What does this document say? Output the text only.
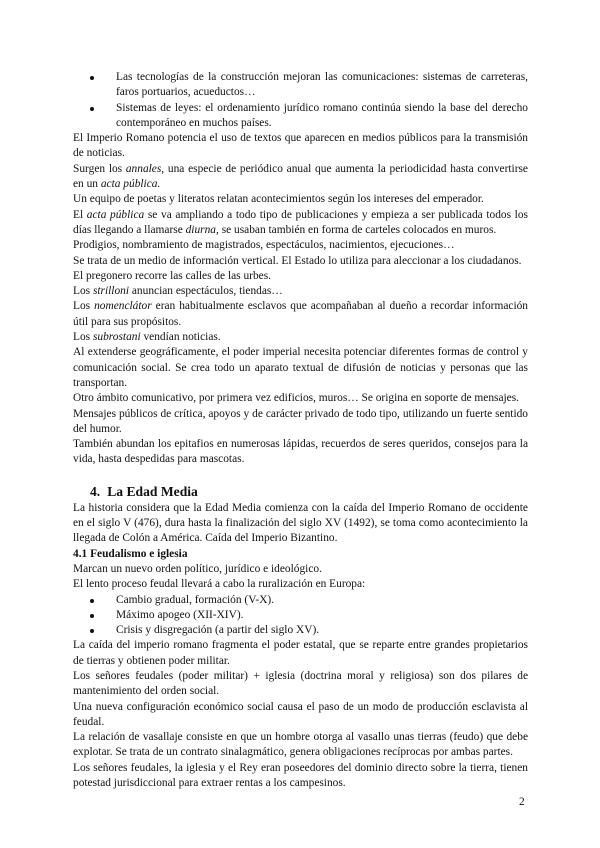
Las tecnologías de la construcción mejoran las comunicaciones: sistemas de carreteras, faros portuarios, acueductos…
Sistemas de leyes: el ordenamiento jurídico romano continúa siendo la base del derecho contemporáneo en muchos países.

El Imperio Romano potencia el uso de textos que aparecen en medios públicos para la transmisión de noticias.

Surgen los annales, una especie de periódico anual que aumenta la periodicidad hasta convertirse en un acta pública.

Un equipo de poetas y literatos relatan acontecimientos según los intereses del emperador.

El acta pública se va ampliando a todo tipo de publicaciones y empieza a ser publicada todos los días llegando a llamarse diurna, se usaban también en forma de carteles colocados en muros.

Prodigios, nombramiento de magistrados, espectáculos, nacimientos, ejecuciones…

Se trata de un medio de información vertical. El Estado lo utiliza para aleccionar a los ciudadanos.

El pregonero recorre las calles de las urbes.

Los strilloni anuncian espectáculos, tiendas…

Los nomenclátor eran habitualmente esclavos que acompañaban al dueño a recordar información útil para sus propósitos.

Los subrostani vendían noticias.

Al extenderse geográficamente, el poder imperial necesita potenciar diferentes formas de control y comunicación social. Se crea todo un aparato textual de difusión de noticias y personas que las transportan.

Otro ámbito comunicativo, por primera vez edificios, muros… Se origina en soporte de mensajes.

Mensajes públicos de crítica, apoyos y de carácter privado de todo tipo, utilizando un fuerte sentido del humor.

También abundan los epitafios en numerosas lápidas, recuerdos de seres queridos, consejos para la vida, hasta despedidas para mascotas.

4. La Edad Media

La historia considera que la Edad Media comienza con la caída del Imperio Romano de occidente en el siglo V (476), dura hasta la finalización del siglo XV (1492), se toma como acontecimiento la llegada de Colón a América. Caída del Imperio Bizantino.

4.1 Feudalismo e iglesia

Marcan un nuevo orden político, jurídico e ideológico.

El lento proceso feudal llevará a cabo la ruralización en Europa:

Cambio gradual, formación (V-X).
Máximo apogeo (XII-XIV).
Crisis y disgregación (a partir del siglo XV).

La caída del imperio romano fragmenta el poder estatal, que se reparte entre grandes propietarios de tierras y obtienen poder militar.

Los señores feudales (poder militar) + iglesia (doctrina moral y religiosa) son dos pilares de mantenimiento del orden social.

Una nueva configuración económico social causa el paso de un modo de producción esclavista al feudal.

La relación de vasallaje consiste en que un hombre otorga al vasallo unas tierras (feudo) que debe explotar. Se trata de un contrato sinalagmático, genera obligaciones recíprocas por ambas partes.

Los señores feudales, la iglesia y el Rey eran poseedores del dominio directo sobre la tierra, tienen potestad jurisdiccional para extraer rentas a los campesinos.

2
